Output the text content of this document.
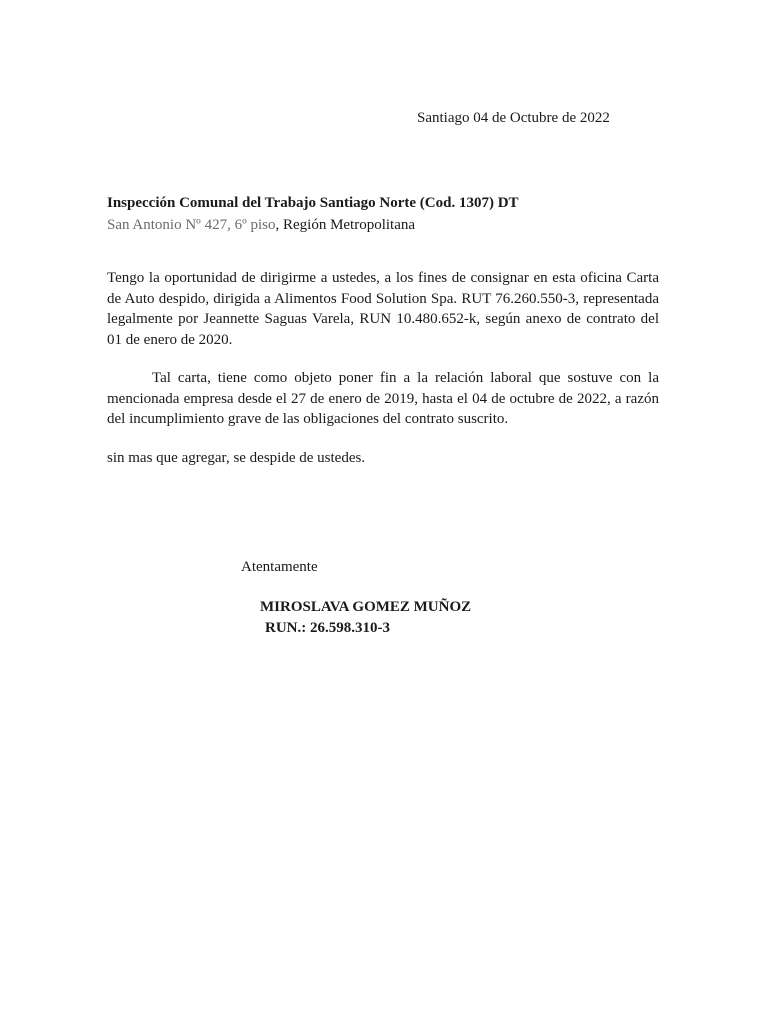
Santiago 04 de Octubre de 2022
Inspección Comunal del Trabajo Santiago Norte (Cod. 1307) DT
San Antonio Nº 427, 6º piso, Región Metropolitana

Tengo la oportunidad de dirigirme a ustedes, a los fines de consignar en esta oficina Carta de Auto despido, dirigida a Alimentos Food Solution Spa. RUT 76.260.550-3, representada legalmente por Jeannette Saguas Varela, RUN 10.480.652-k, según anexo de contrato del 01 de enero de 2020.

Tal carta, tiene como objeto poner fin a la relación laboral que sostuve con la mencionada empresa desde el 27 de enero de 2019, hasta el 04 de octubre de 2022, a razón del incumplimiento grave de las obligaciones del contrato suscrito.

sin mas que agregar, se despide de ustedes.

Atentamente
MIROSLAVA GOMEZ MUÑOZ
RUN.: 26.598.310-3
